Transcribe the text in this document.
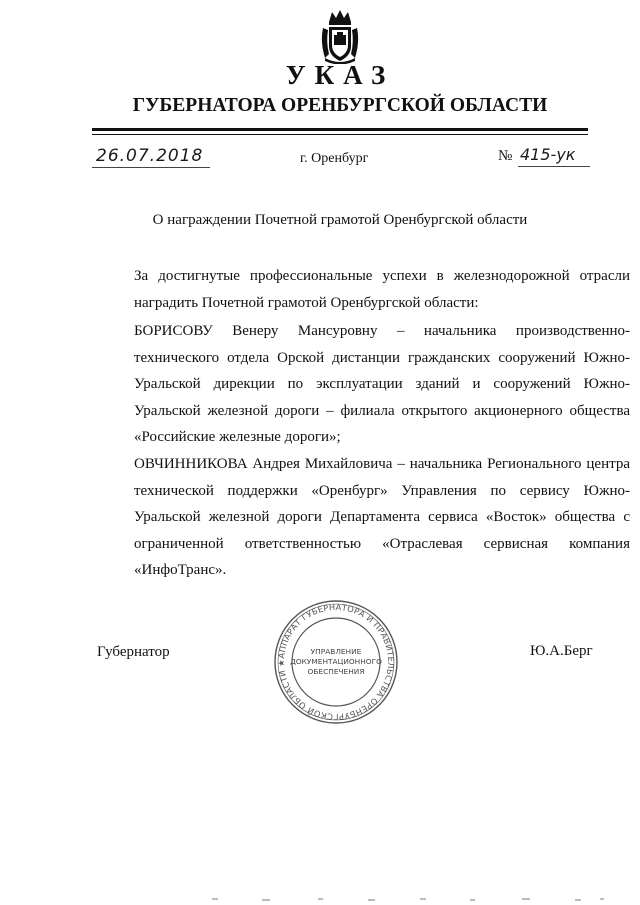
УКАЗ
ГУБЕРНАТОРА ОРЕНБУРГСКОЙ ОБЛАСТИ
26.07.2018	г. Оренбург	№ 415-ук
О награждении Почетной грамотой Оренбургской области
За достигнутые профессиональные успехи в железнодорожной отрасли наградить Почетной грамотой Оренбургской области:
БОРИСОВУ Венеру Мансуровну – начальника производственно-технического отдела Орской дистанции гражданских сооружений Южно-Уральской дирекции по эксплуатации зданий и сооружений Южно-Уральской железной дороги – филиала открытого акционерного общества «Российские железные дороги»;
ОВЧИННИКОВА Андрея Михайловича – начальника Регионального центра технической поддержки «Оренбург» Управления по сервису Южно-Уральской железной дороги Департамента сервиса «Восток» общества с ограниченной ответственностью «Отраслевая сервисная компания «ИнфоТранс».
Губернатор	Ю.А.Берг
АППАРАТ ГУБЕРНАТОРА И ПРАВИТЕЛЬСТВА ОРЕНБУРГСКОЙ ОБЛАСТИ ★
УПРАВЛЕНИЕ
ДОКУМЕНТАЦИОННОГО
ОБЕСПЕЧЕНИЯ
